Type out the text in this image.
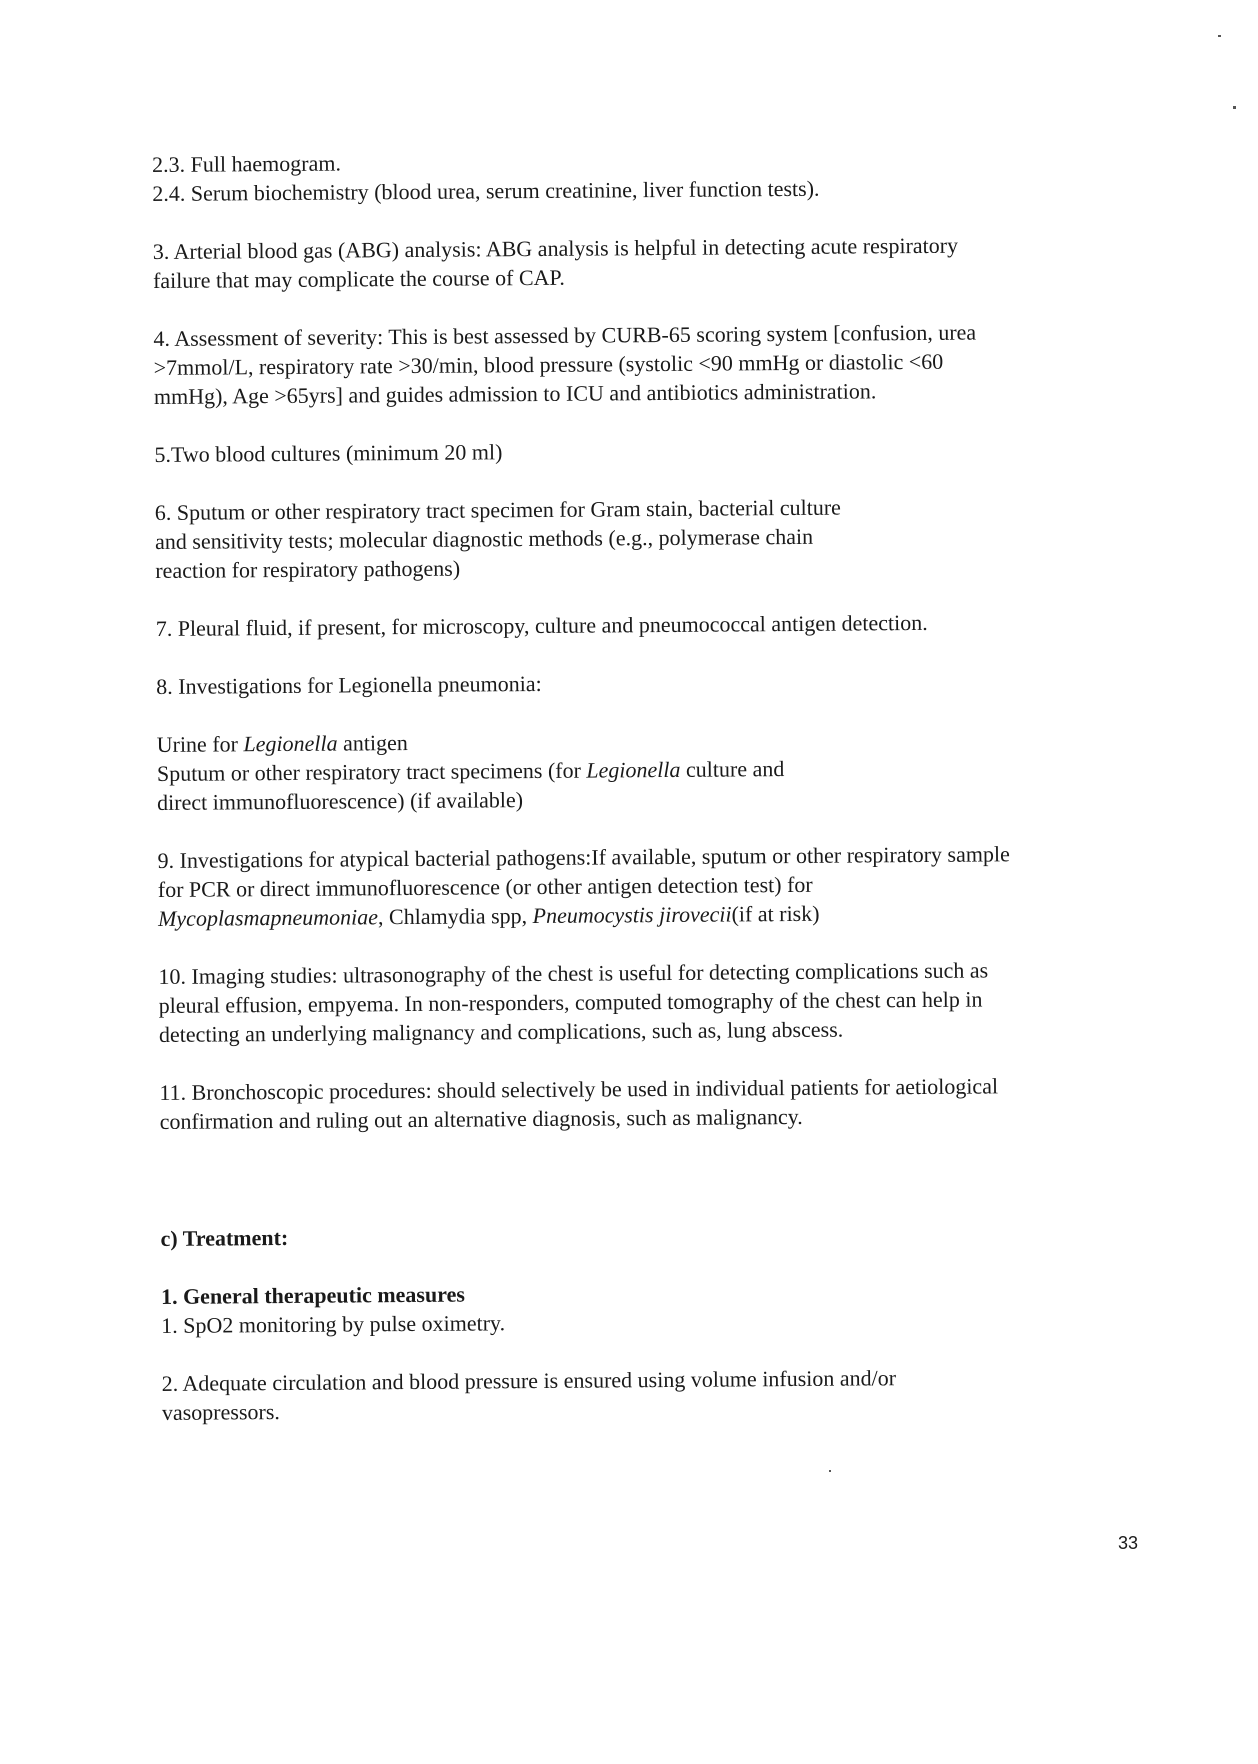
2.3. Full haemogram.

2.4. Serum biochemistry (blood urea, serum creatinine, liver function tests).

3. Arterial blood gas (ABG) analysis: ABG analysis is helpful in detecting acute respiratory

failure that may complicate the course of CAP.

4. Assessment of severity: This is best assessed by CURB-65 scoring system [confusion, urea

>7mmol/L, respiratory rate >30/min, blood pressure (systolic <90 mmHg or diastolic <60

mmHg), Age >65yrs] and guides admission to ICU and antibiotics administration.

5.Two blood cultures (minimum 20 ml)

6. Sputum or other respiratory tract specimen for Gram stain, bacterial culture

and sensitivity tests; molecular diagnostic methods (e.g., polymerase chain

reaction for respiratory pathogens)

7. Pleural fluid, if present, for microscopy, culture and pneumococcal antigen detection.

8. Investigations for Legionella pneumonia:

Urine for Legionella antigen

Sputum or other respiratory tract specimens (for Legionella culture and

direct immunofluorescence) (if available)

9. Investigations for atypical bacterial pathogens:If available, sputum or other respiratory sample

for PCR or direct immunofluorescence (or other antigen detection test) for

Mycoplasmapneumoniae, Chlamydia spp, Pneumocystis jirovecii(if at risk)

10. Imaging studies: ultrasonography of the chest is useful for detecting complications such as

pleural effusion, empyema. In non-responders, computed tomography of the chest can help in

detecting an underlying malignancy and complications, such as, lung abscess.

11. Bronchoscopic procedures: should selectively be used in individual patients for aetiological

confirmation and ruling out an alternative diagnosis, such as malignancy.

c) Treatment:

1. General therapeutic measures

1. SpO2 monitoring by pulse oximetry.

2. Adequate circulation and blood pressure is ensured using volume infusion and/or

vasopressors.

33
